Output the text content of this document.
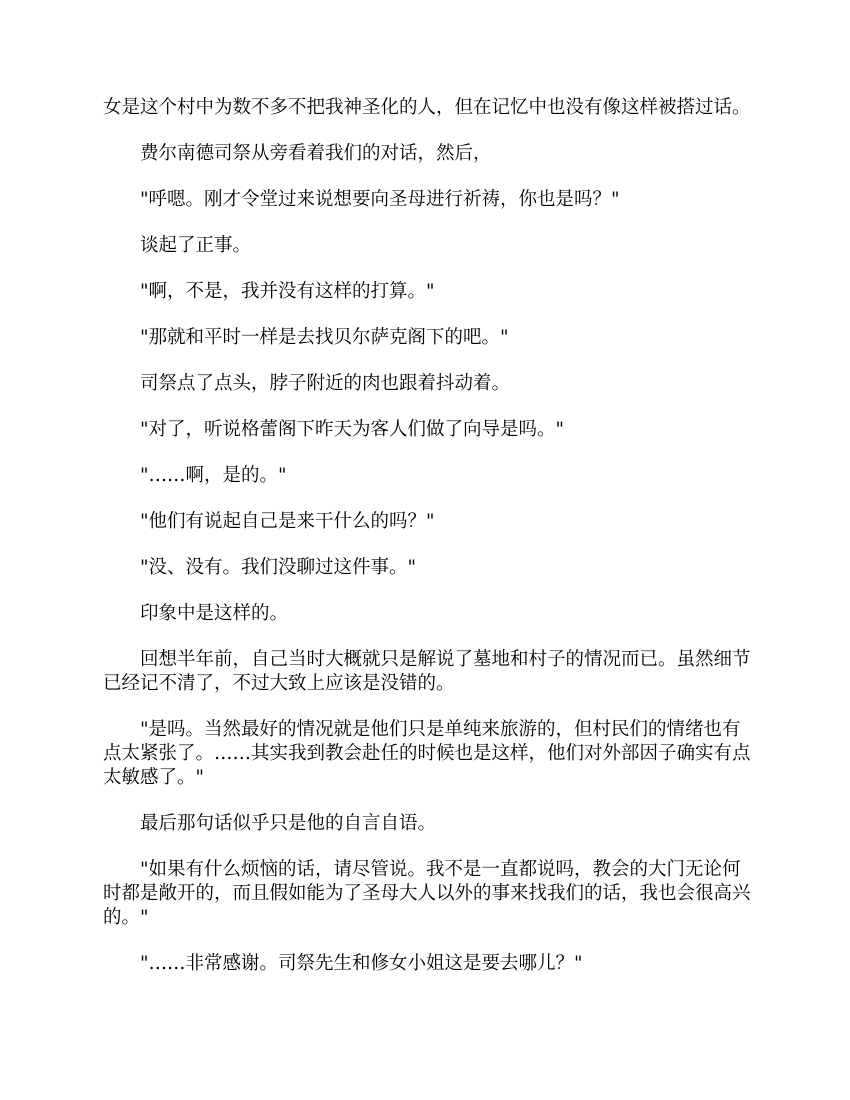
女是这个村中为数不多不把我神圣化的人，但在记忆中也没有像这样被搭过话。

费尔南德司祭从旁看着我们的对话，然后，

"呼嗯。刚才令堂过来说想要向圣母进行祈祷，你也是吗？"

谈起了正事。

"啊，不是，我并没有这样的打算。"

"那就和平时一样是去找贝尔萨克阁下的吧。"

司祭点了点头，脖子附近的肉也跟着抖动着。

"对了，听说格蕾阁下昨天为客人们做了向导是吗。"

"……啊，是的。"

"他们有说起自己是来干什么的吗？"

"没、没有。我们没聊过这件事。"

印象中是这样的。

回想半年前，自己当时大概就只是解说了墓地和村子的情况而已。虽然细节已经记不清了，不过大致上应该是没错的。

"是吗。当然最好的情况就是他们只是单纯来旅游的，但村民们的情绪也有点太紧张了。……其实我到教会赴任的时候也是这样，他们对外部因子确实有点太敏感了。"

最后那句话似乎只是他的自言自语。

"如果有什么烦恼的话，请尽管说。我不是一直都说吗，教会的大门无论何时都是敞开的，而且假如能为了圣母大人以外的事来找我们的话，我也会很高兴的。"

"……非常感谢。司祭先生和修女小姐这是要去哪儿？"
